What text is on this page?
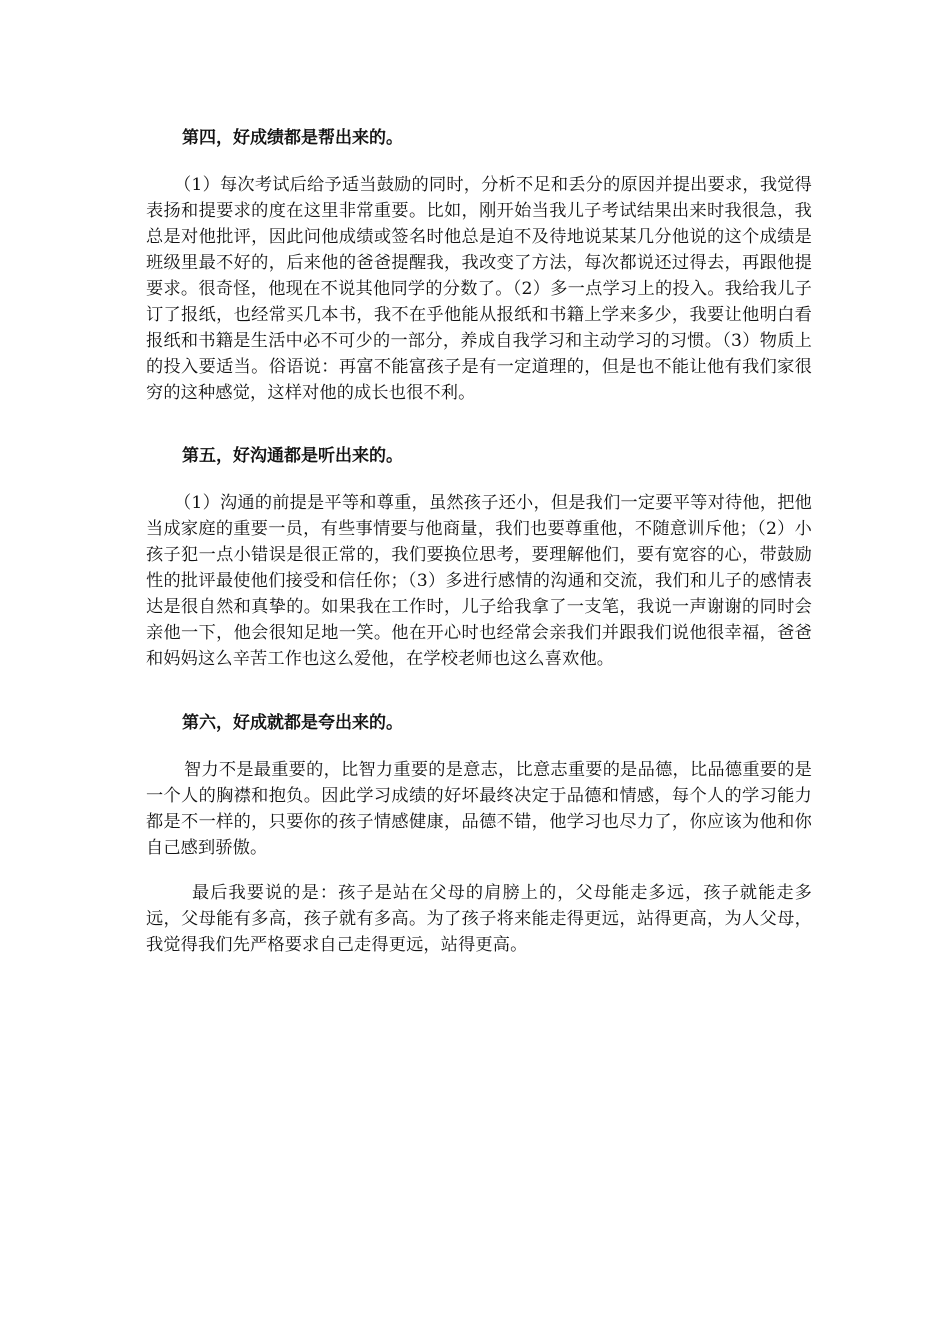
第四，好成绩都是帮出来的。

（1）每次考试后给予适当鼓励的同时，分析不足和丢分的原因并提出要求，我觉得表扬和提要求的度在这里非常重要。比如，刚开始当我儿子考试结果出来时我很急，我总是对他批评，因此问他成绩或签名时他总是迫不及待地说某某几分他说的这个成绩是班级里最不好的，后来他的爸爸提醒我，我改变了方法，每次都说还过得去，再跟他提要求。很奇怪，他现在不说其他同学的分数了。（2）多一点学习上的投入。我给我儿子订了报纸，也经常买几本书，我不在乎他能从报纸和书籍上学来多少，我要让他明白看报纸和书籍是生活中必不可少的一部分，养成自我学习和主动学习的习惯。（3）物质上的投入要适当。俗语说：再富不能富孩子是有一定道理的，但是也不能让他有我们家很穷的这种感觉，这样对他的成长也很不利。

第五，好沟通都是听出来的。

（1）沟通的前提是平等和尊重，虽然孩子还小，但是我们一定要平等对待他，把他当成家庭的重要一员，有些事情要与他商量，我们也要尊重他，不随意训斥他；（2）小孩子犯一点小错误是很正常的，我们要换位思考，要理解他们，要有宽容的心，带鼓励性的批评最使他们接受和信任你；（3）多进行感情的沟通和交流，我们和儿子的感情表达是很自然和真挚的。如果我在工作时，儿子给我拿了一支笔，我说一声谢谢的同时会亲他一下，他会很知足地一笑。他在开心时也经常会亲我们并跟我们说他很幸福，爸爸和妈妈这么辛苦工作也这么爱他，在学校老师也这么喜欢他。

第六，好成就都是夸出来的。

智力不是最重要的，比智力重要的是意志，比意志重要的是品德，比品德重要的是一个人的胸襟和抱负。因此学习成绩的好坏最终决定于品德和情感，每个人的学习能力都是不一样的，只要你的孩子情感健康，品德不错，他学习也尽力了，你应该为他和你自己感到骄傲。

最后我要说的是：孩子是站在父母的肩膀上的，父母能走多远，孩子就能走多远，父母能有多高，孩子就有多高。为了孩子将来能走得更远，站得更高，为人父母，我觉得我们先严格要求自己走得更远，站得更高。
